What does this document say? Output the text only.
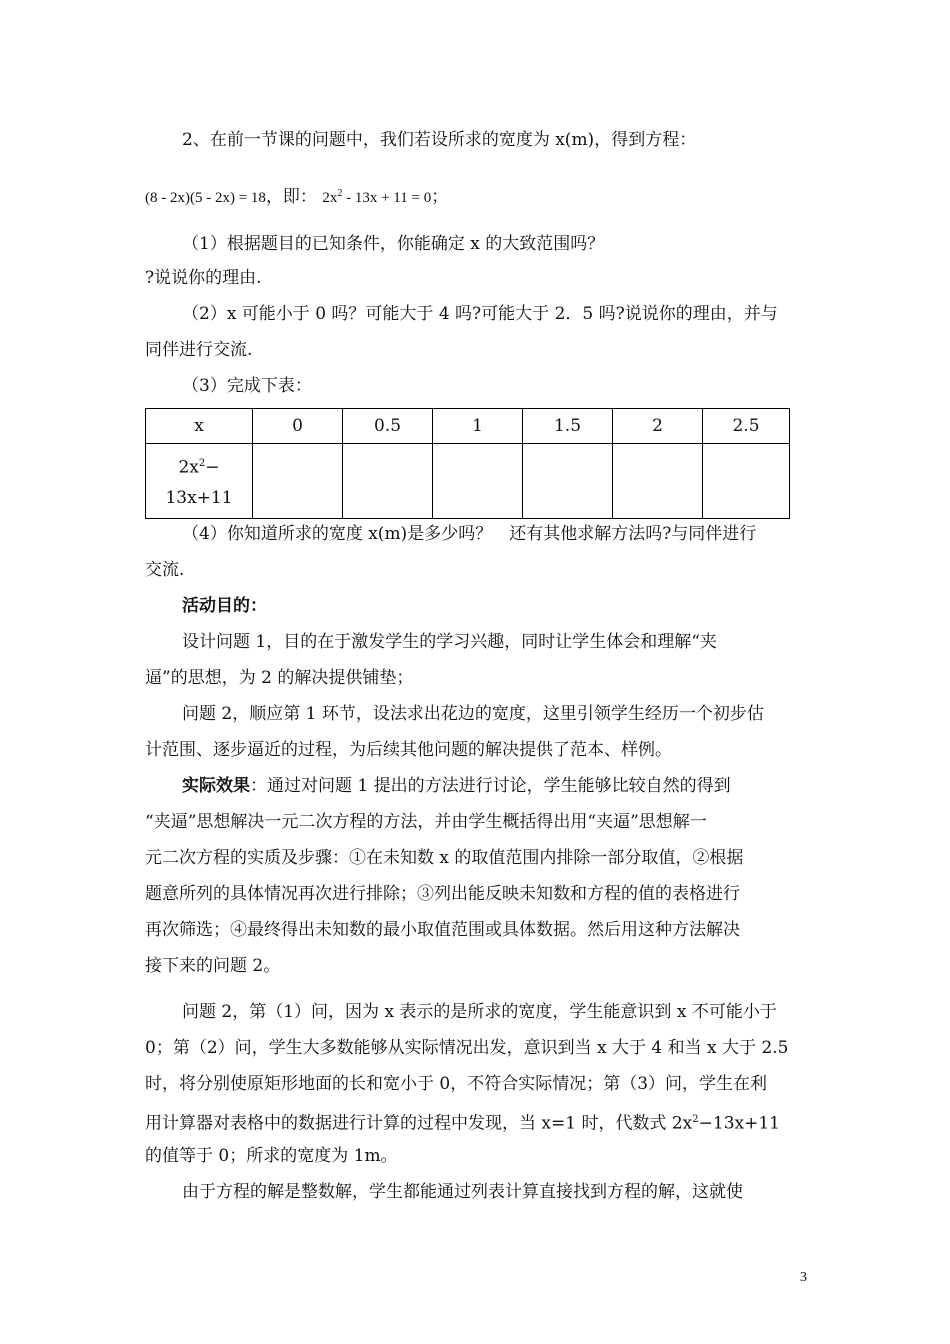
2、在前一节课的问题中，我们若设所求的宽度为 x(m)，得到方程：
(8 - 2x)(5 - 2x) = 18，即： $2x^2 - 13x + 11 = 0$；
（1）根据题目的已知条件，你能确定 x 的大致范围吗？
?说说你的理由.
（2）x 可能小于 0 吗？可能大于 4 吗?可能大于 2．5 吗?说说你的理由，并与
同伴进行交流.
（3）完成下表：
x	0	0.5	1	1.5	2	2.5
$2x^2-$
13x+11						
（4）你知道所求的宽度 x(m)是多少吗？　还有其他求解方法吗?与同伴进行
交流.
活动目的：
设计问题 1，目的在于激发学生的学习兴趣，同时让学生体会和理解“夹
逼”的思想，为 2 的解决提供铺垫；
问题 2，顺应第 1 环节，设法求出花边的宽度，这里引领学生经历一个初步估
计范围、逐步逼近的过程，为后续其他问题的解决提供了范本、样例。
实际效果：通过对问题 1 提出的方法进行讨论，学生能够比较自然的得到
“夹逼”思想解决一元二次方程的方法，并由学生概括得出用“夹逼”思想解一
元二次方程的实质及步骤：①在未知数 x 的取值范围内排除一部分取值，②根据
题意所列的具体情况再次进行排除；③列出能反映未知数和方程的值的表格进行
再次筛选；④最终得出未知数的最小取值范围或具体数据。然后用这种方法解决
接下来的问题 2。
问题 2，第（1）问，因为 x 表示的是所求的宽度，学生能意识到 x 不可能小于
0；第（2）问，学生大多数能够从实际情况出发，意识到当 x 大于 4 和当 x 大于 2.5
时，将分别使原矩形地面的长和宽小于 0，不符合实际情况；第（3）问，学生在利
用计算器对表格中的数据进行计算的过程中发现，当 x=1 时，代数式 $2x^2-13x+11$
的值等于 0；所求的宽度为 1m。
由于方程的解是整数解，学生都能通过列表计算直接找到方程的解，这就使
3
